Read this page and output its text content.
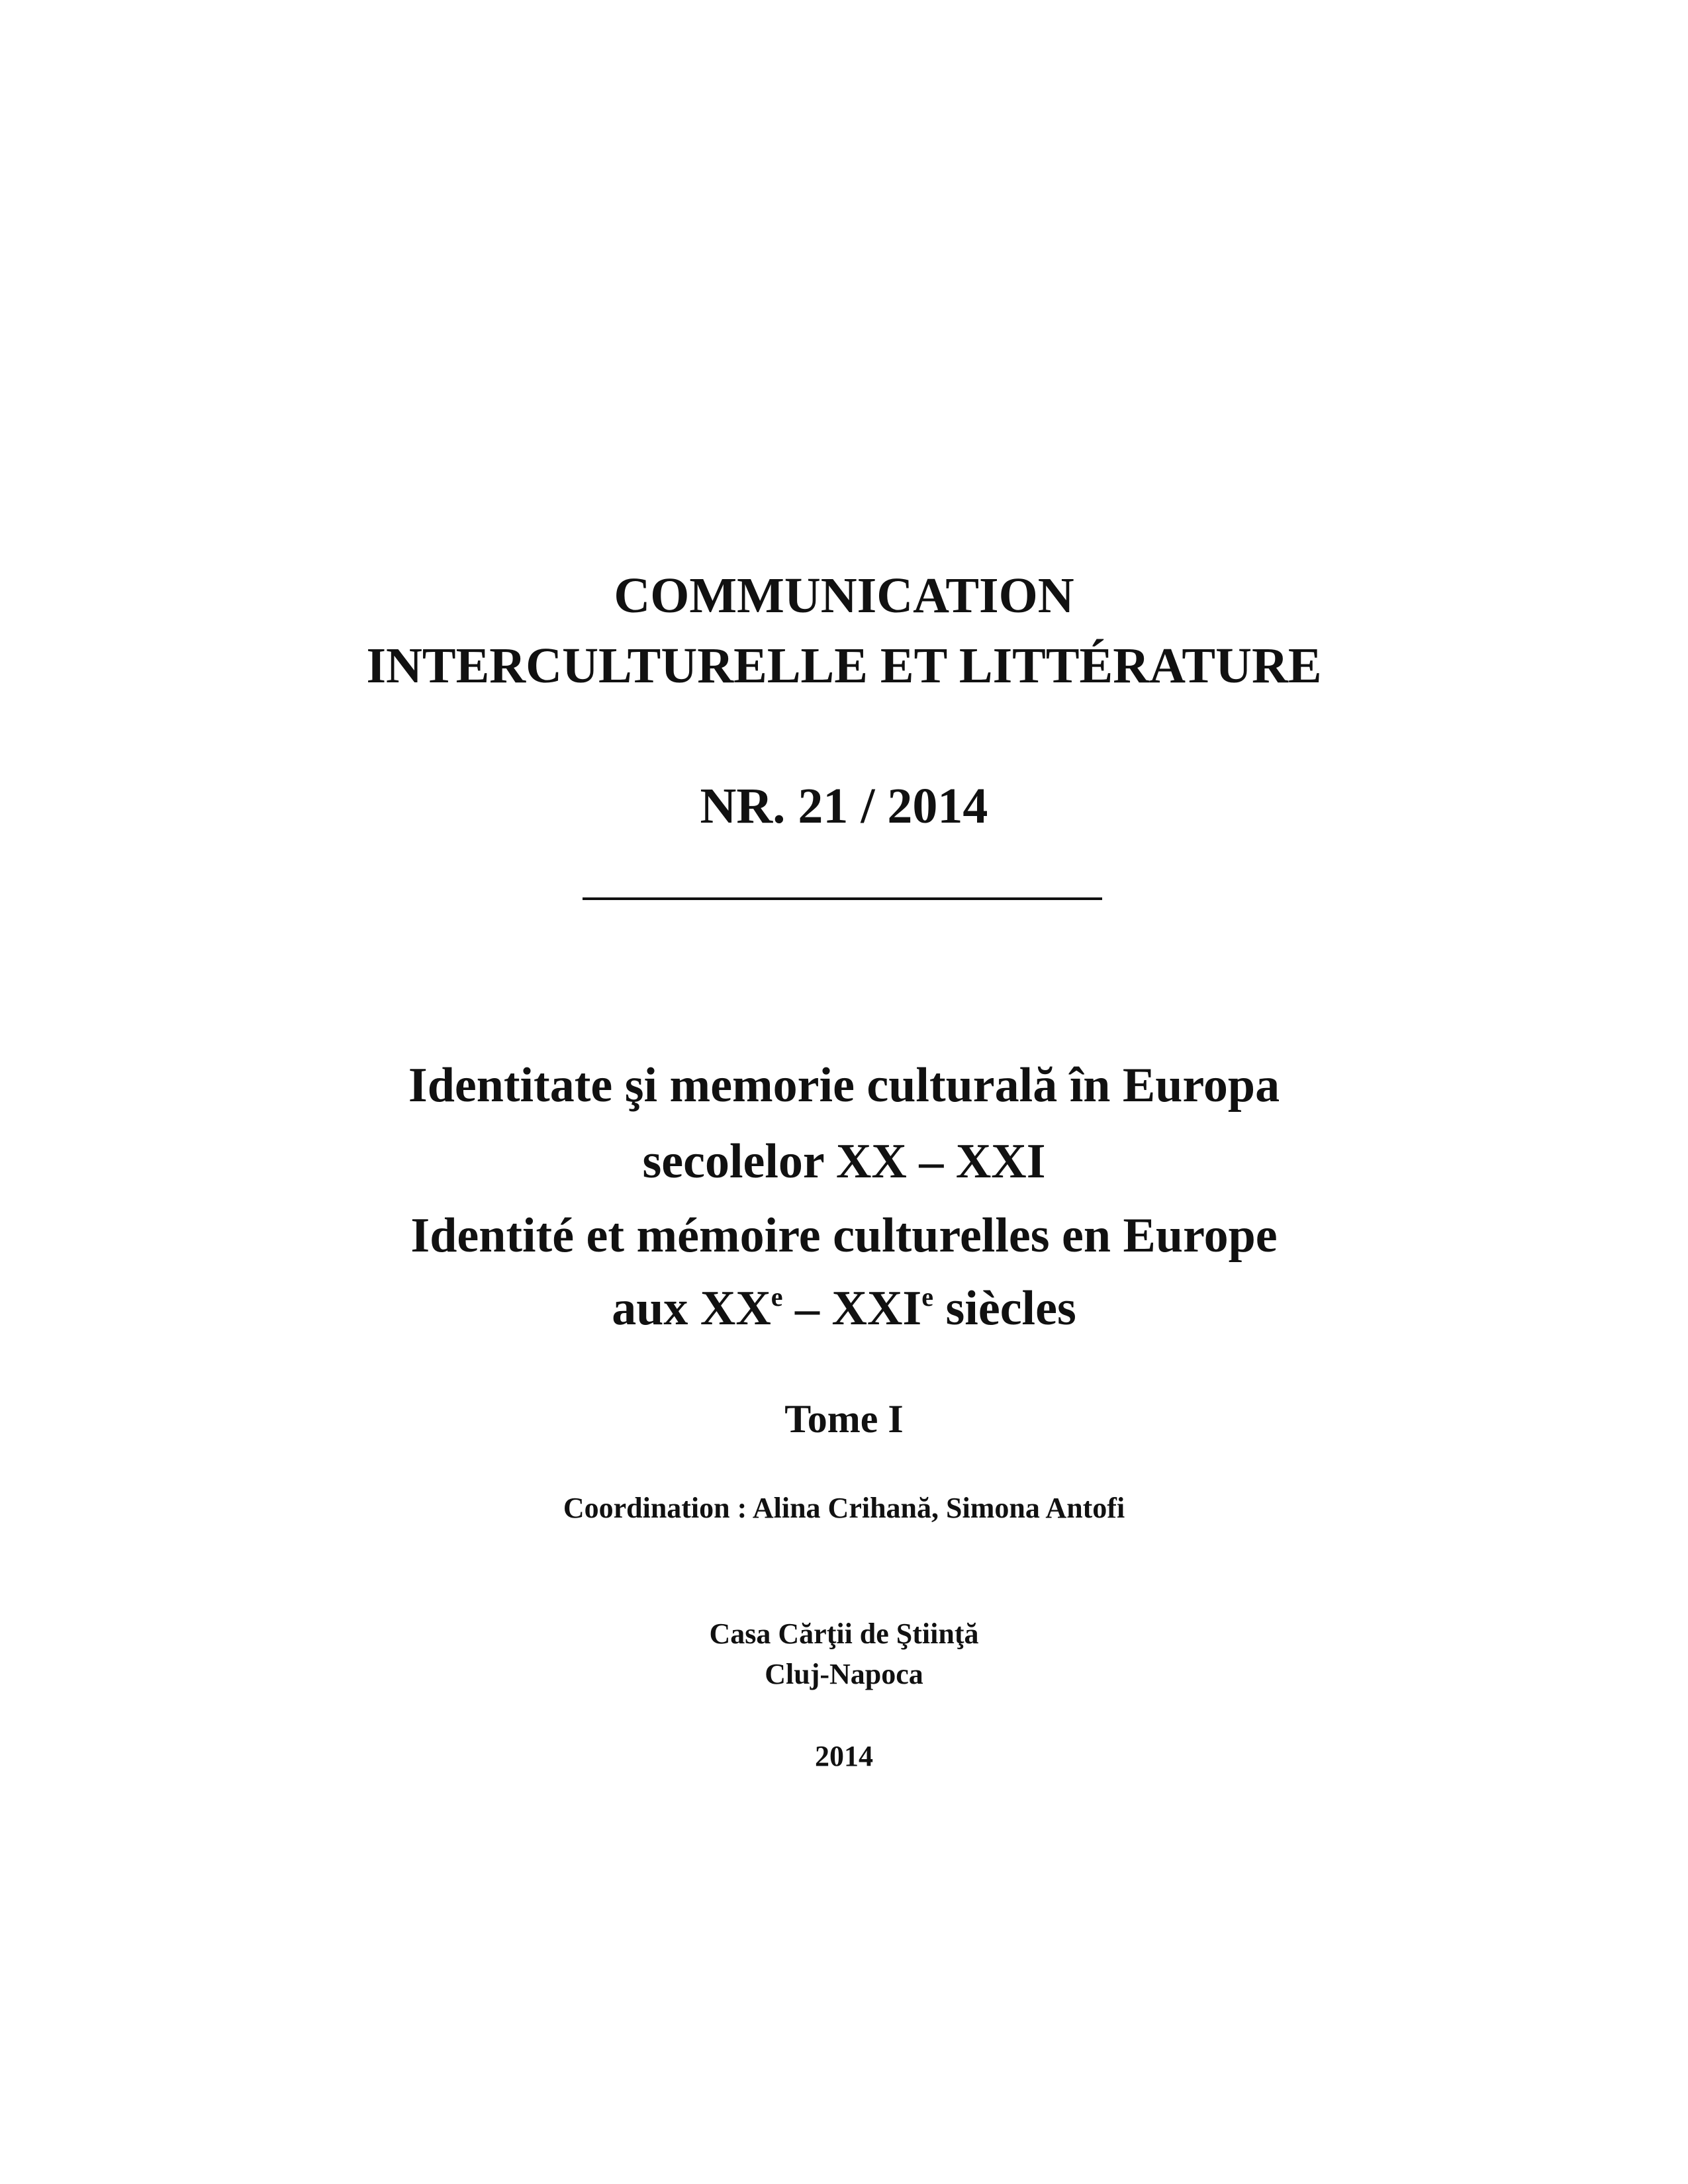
COMMUNICATION
INTERCULTURELLE ET LITTÉRATURE
NR. 21 / 2014
Identitate şi memorie culturală în Europa
secolelor XX – XXI
Identité et mémoire culturelles en Europe
aux XXe – XXIe siècles
Tome I
Coordination : Alina Crihană, Simona Antofi
Casa Cărţii de Ştiinţă
Cluj-Napoca
2014
